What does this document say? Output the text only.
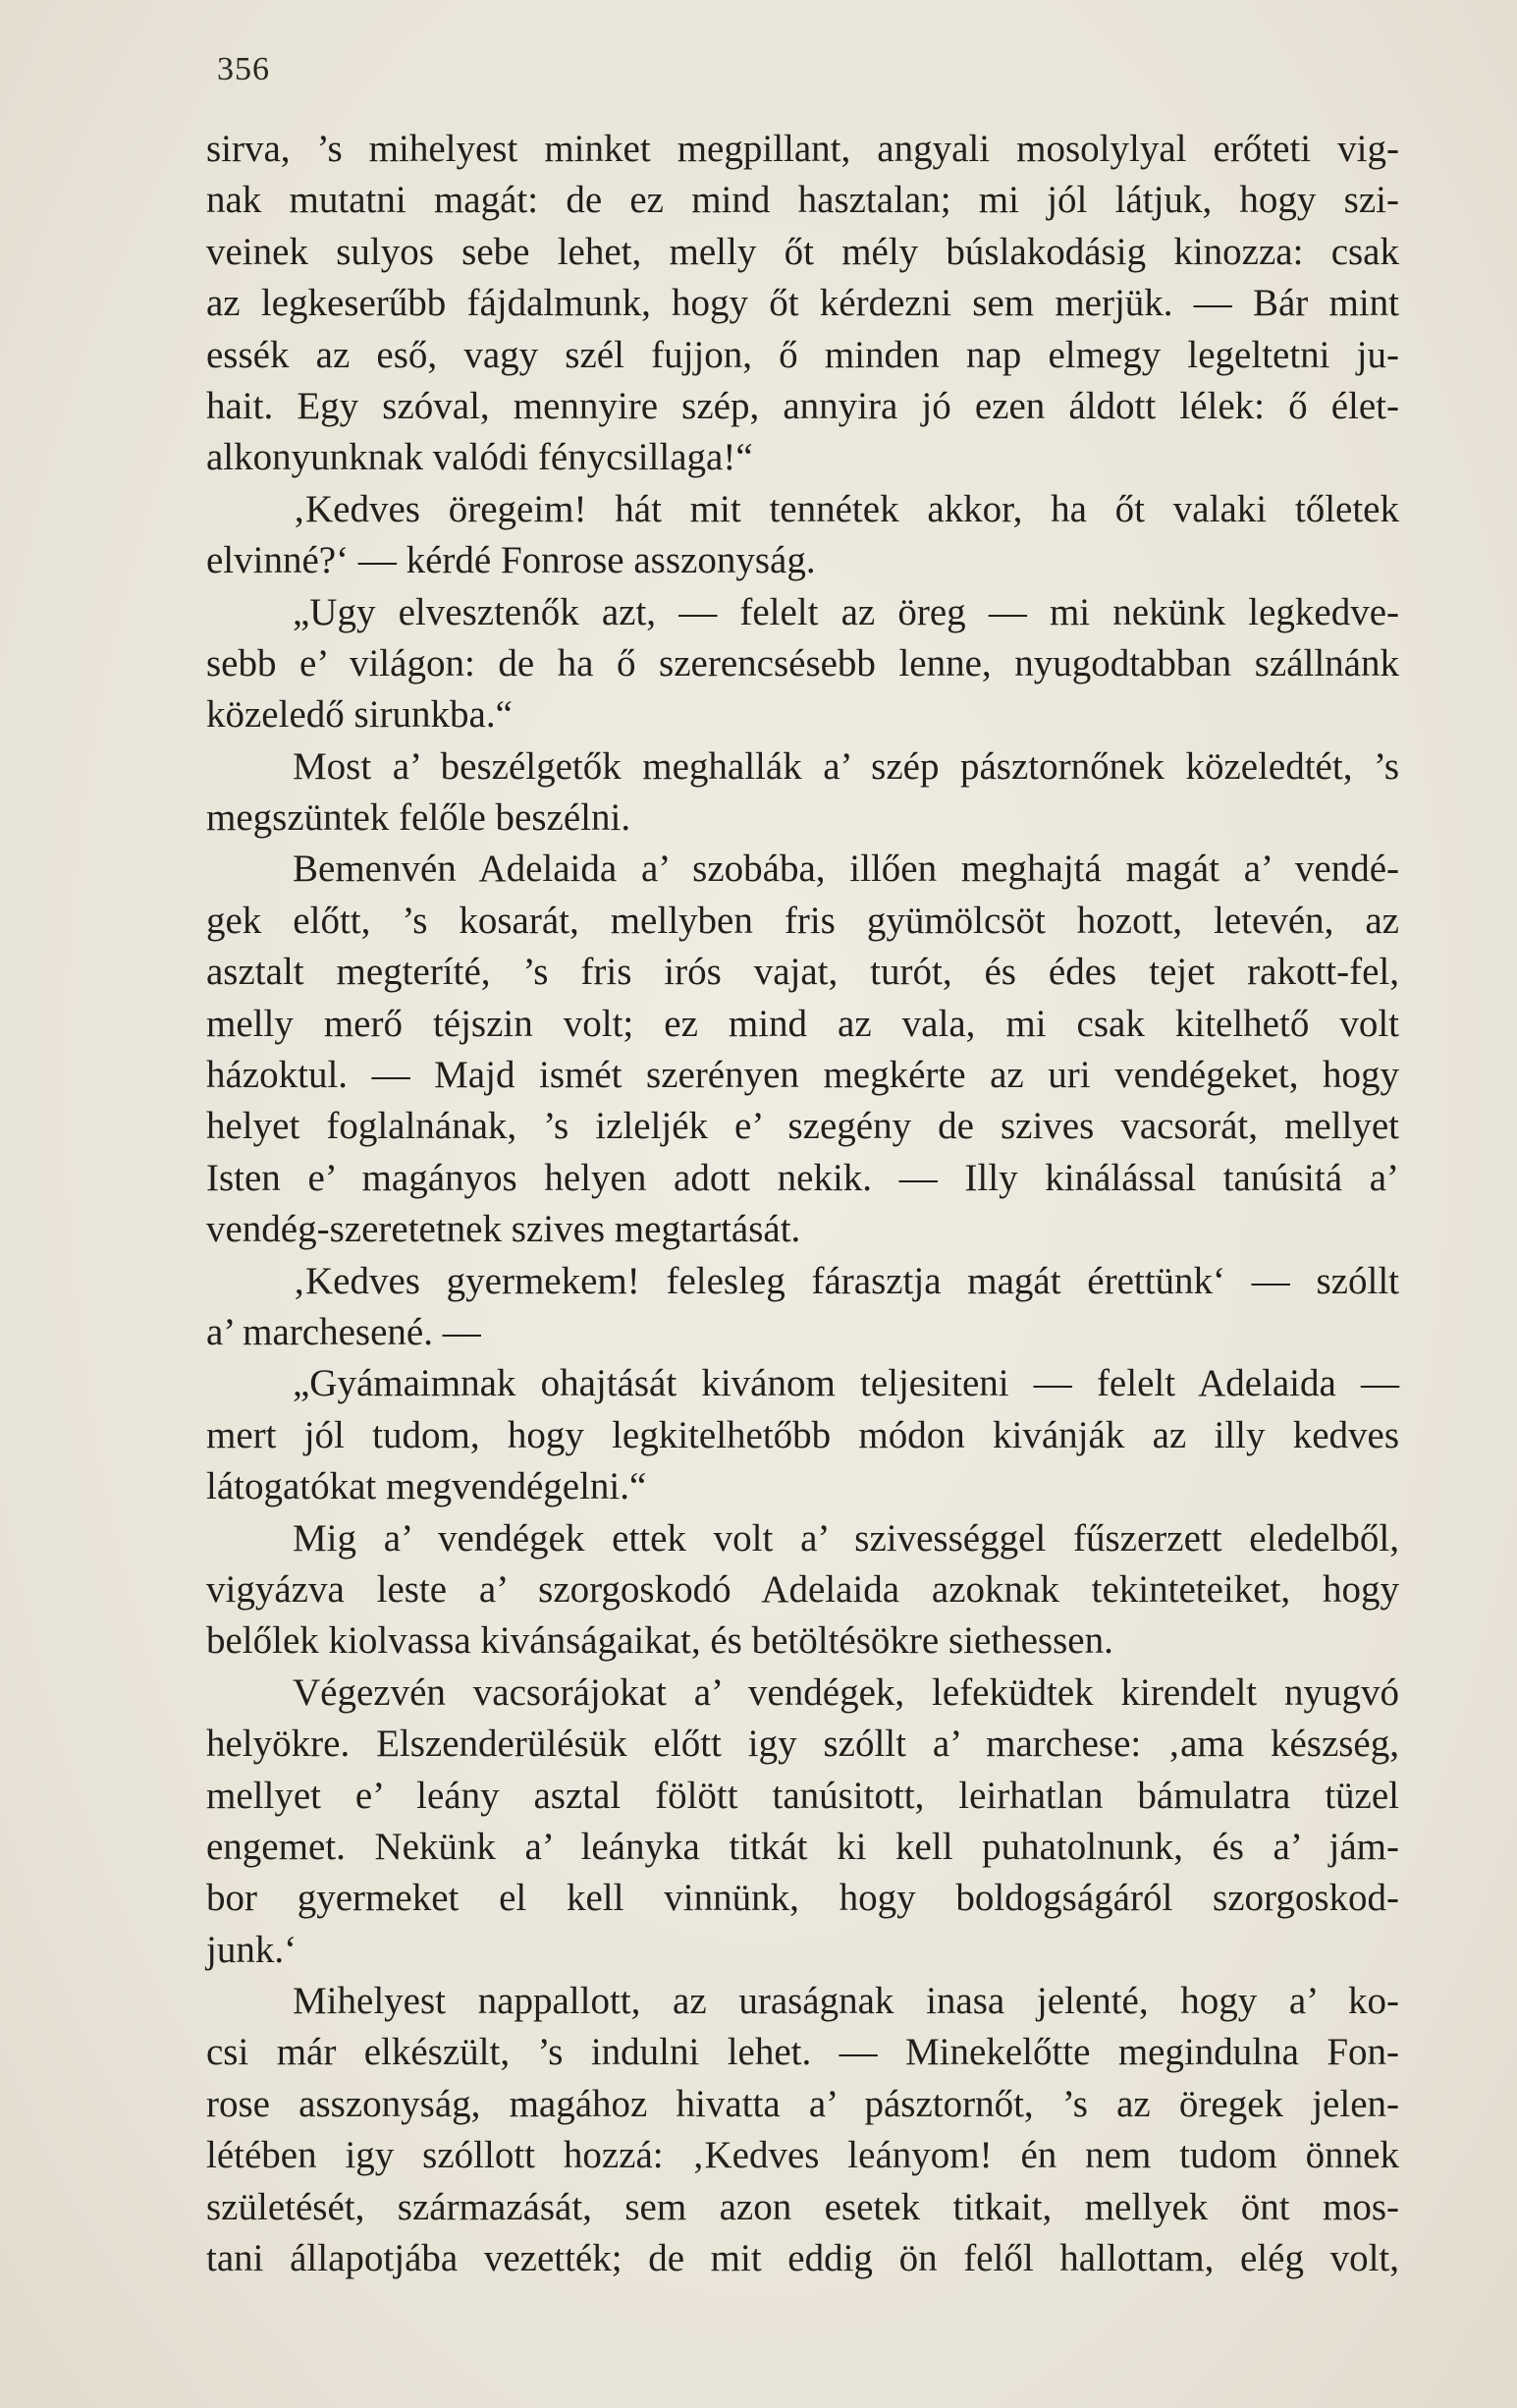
356
sirva, ’s mihelyest minket megpillant, angyali mosolylyal erőteti vig-
nak mutatni magát: de ez mind hasztalan; mi jól látjuk, hogy szi-
veinek sulyos sebe lehet, melly őt mély búslakodásig kinozza: csak
az legkeserűbb fájdalmunk, hogy őt kérdezni sem merjük. — Bár mint
essék az eső, vagy szél fujjon, ő minden nap elmegy legeltetni ju-
hait. Egy szóval, mennyire szép, annyira jó ezen áldott lélek: ő élet-
alkonyunknak valódi fénycsillaga!“
‚Kedves öregeim! hát mit tennétek akkor, ha őt valaki tőletek
elvinné?‘ — kérdé Fonrose asszonyság.
„Ugy elvesztenők azt, — felelt az öreg — mi nekünk legkedve-
sebb e’ világon: de ha ő szerencsésebb lenne, nyugodtabban szállnánk
közeledő sirunkba.“
Most a’ beszélgetők meghallák a’ szép pásztornőnek közeledtét, ’s
megszüntek felőle beszélni.
Bemenvén Adelaida a’ szobába, illően meghajtá magát a’ vendé-
gek előtt, ’s kosarát, mellyben fris gyümölcsöt hozott, letevén, az
asztalt megteríté, ’s fris irós vajat, turót, és édes tejet rakott-fel,
melly merő téjszin volt; ez mind az vala, mi csak kitelhető volt
házoktul. — Majd ismét szerényen megkérte az uri vendégeket, hogy
helyet foglalnának, ’s izleljék e’ szegény de szives vacsorát, mellyet
Isten e’ magányos helyen adott nekik. — Illy kinálással tanúsitá a’
vendég-szeretetnek szives megtartását.
‚Kedves gyermekem! felesleg fárasztja magát érettünk‘ — szóllt
a’ marchesené. —
„Gyámaimnak ohajtását kivánom teljesiteni — felelt Adelaida —
mert jól tudom, hogy legkitelhetőbb módon kivánják az illy kedves
látogatókat megvendégelni.“
Mig a’ vendégek ettek volt a’ szivességgel fűszerzett eledelből,
vigyázva leste a’ szorgoskodó Adelaida azoknak tekinteteiket, hogy
belőlek kiolvassa kivánságaikat, és betöltésökre siethessen.
Végezvén vacsorájokat a’ vendégek, lefeküdtek kirendelt nyugvó
helyökre. Elszenderülésük előtt igy szóllt a’ marchese: ‚ama készség,
mellyet e’ leány asztal fölött tanúsitott, leirhatlan bámulatra tüzel
engemet. Nekünk a’ leányka titkát ki kell puhatolnunk, és a’ jám-
bor gyermeket el kell vinnünk, hogy boldogságáról szorgoskod-
junk.‘
Mihelyest nappallott, az uraságnak inasa jelenté, hogy a’ ko-
csi már elkészült, ’s indulni lehet. — Minekelőtte megindulna Fon-
rose asszonyság, magához hivatta a’ pásztornőt, ’s az öregek jelen-
létében igy szóllott hozzá: ‚Kedves leányom! én nem tudom önnek
születését, származását, sem azon esetek titkait, mellyek önt mos-
tani állapotjába vezették; de mit eddig ön felől hallottam, elég volt,
